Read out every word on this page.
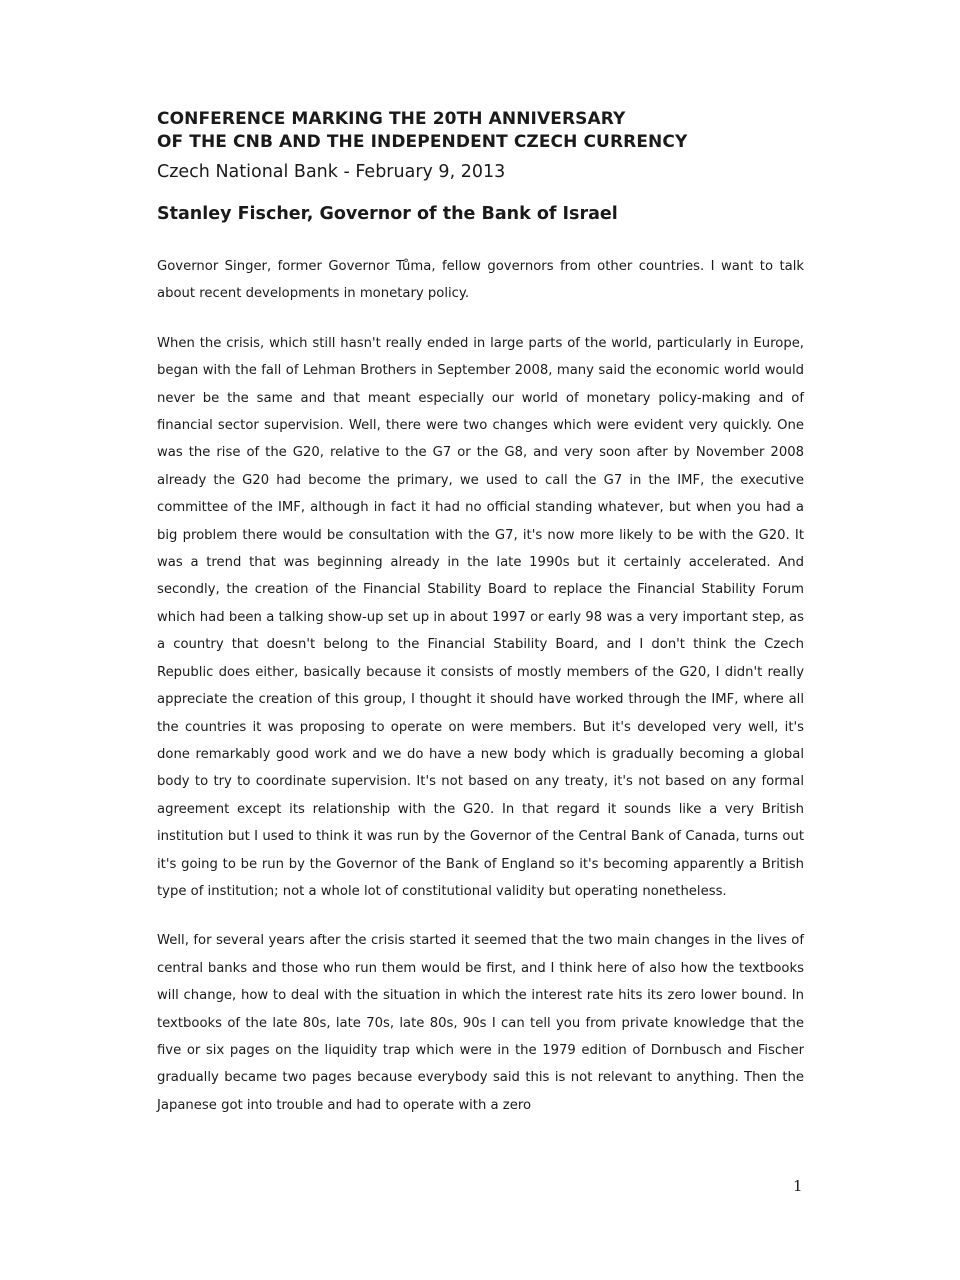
CONFERENCE MARKING THE 20TH ANNIVERSARY
OF THE CNB AND THE INDEPENDENT CZECH CURRENCY
Czech National Bank - February 9, 2013
Stanley Fischer, Governor of the Bank of Israel

Governor Singer, former Governor Tůma, fellow governors from other countries. I want to talk about recent developments in monetary policy.

When the crisis, which still hasn't really ended in large parts of the world, particularly in Europe, began with the fall of Lehman Brothers in September 2008, many said the economic world would never be the same and that meant especially our world of monetary policy-making and of financial sector supervision. Well, there were two changes which were evident very quickly. One was the rise of the G20, relative to the G7 or the G8, and very soon after by November 2008 already the G20 had become the primary, we used to call the G7 in the IMF, the executive committee of the IMF, although in fact it had no official standing whatever, but when you had a big problem there would be consultation with the G7, it's now more likely to be with the G20. It was a trend that was beginning already in the late 1990s but it certainly accelerated. And secondly, the creation of the Financial Stability Board to replace the Financial Stability Forum which had been a talking show-up set up in about 1997 or early 98 was a very important step, as a country that doesn't belong to the Financial Stability Board, and I don't think the Czech Republic does either, basically because it consists of mostly members of the G20, I didn't really appreciate the creation of this group, I thought it should have worked through the IMF, where all the countries it was proposing to operate on were members. But it's developed very well, it's done remarkably good work and we do have a new body which is gradually becoming a global body to try to coordinate supervision. It's not based on any treaty, it's not based on any formal agreement except its relationship with the G20. In that regard it sounds like a very British institution but I used to think it was run by the Governor of the Central Bank of Canada, turns out it's going to be run by the Governor of the Bank of England so it's becoming apparently a British type of institution; not a whole lot of constitutional validity but operating nonetheless.

Well, for several years after the crisis started it seemed that the two main changes in the lives of central banks and those who run them would be first, and I think here of also how the textbooks will change, how to deal with the situation in which the interest rate hits its zero lower bound. In textbooks of the late 80s, late 70s, late 80s, 90s I can tell you from private knowledge that the five or six pages on the liquidity trap which were in the 1979 edition of Dornbusch and Fischer gradually became two pages because everybody said this is not relevant to anything. Then the Japanese got into trouble and had to operate with a zero

1
